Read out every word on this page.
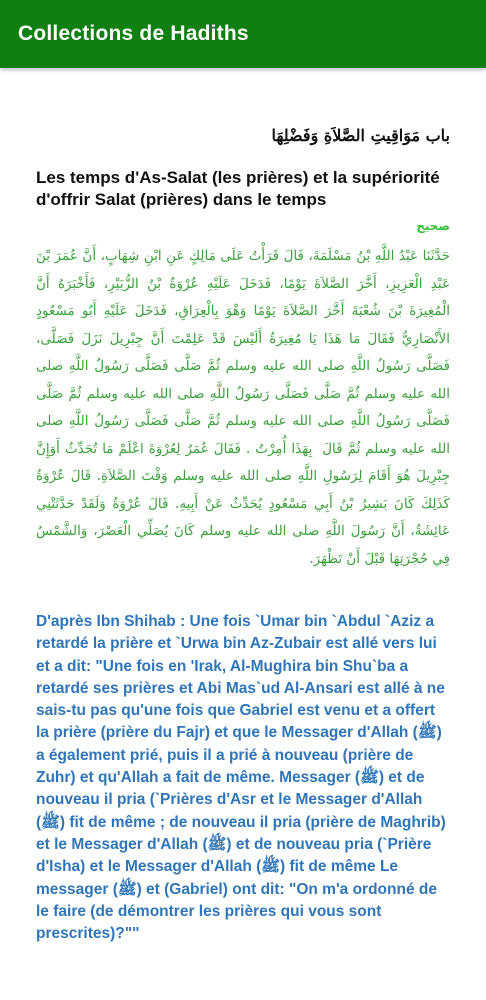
Collections de Hadiths
باب مَوَاقِيتِ الصَّلاَةِ وَفَضْلِهَا
Les temps d'As-Salat (les prières) et la supériorité d'offrir Salat (prières) dans le temps
صحيح
حَدَّثَنَا عَبْدُ اللَّهِ بْنُ مَسْلَمَةَ، قَالَ قَرَأْتُ عَلَى مَالِكٍ عَنِ ابْنِ شِهَابٍ، أَنَّ عُمَرَ بْنَ عَبْدِ الْعَزِيزِ، أَخَّرَ الصَّلاَةَ يَوْمًا، فَدَخَلَ عَلَيْهِ عُرْوَةُ بْنُ الزُّبَيْرِ، فَأَخْبَرَهُ أَنَّ الْمُغِيرَةَ بْنَ شُعْبَةَ أَخَّرَ الصَّلاَةَ يَوْمًا وَهْوَ بِالْعِرَاقِ، فَدَخَلَ عَلَيْهِ أَبُو مَسْعُودٍ الأَنْصَارِيُّ فَقَالَ مَا هَذَا يَا مُغِيرَةُ أَلَيْسَ قَدْ عَلِمْتَ أَنَّ جِبْرِيلَ نَزَلَ فَصَلَّى، فَصَلَّى رَسُولُ اللَّهِ صلى الله عليه وسلم ثُمَّ صَلَّى فَصَلَّى رَسُولُ اللَّهِ صلى الله عليه وسلم ثُمَّ صَلَّى فَصَلَّى رَسُولُ اللَّهِ صلى الله عليه وسلم ثُمَّ صَلَّى فَصَلَّى رَسُولُ اللَّهِ صلى الله عليه وسلم ثُمَّ صَلَّى فَصَلَّى رَسُولُ اللَّهِ صلى الله عليه وسلم ثُمَّ قَالَ ‏ بِهَذَا أُمِرْتُ ‏.‏ فَقَالَ عُمَرُ لِعُرْوَةَ اعْلَمْ مَا تُحَدِّثُ أَوَإِنَّ جِبْرِيلَ هُوَ أَقَامَ لِرَسُولِ اللَّهِ صلى الله عليه وسلم وَقْتَ الصَّلاَةِ‏.‏ قَالَ عُرْوَةُ كَذَلِكَ كَانَ بَشِيرُ بْنُ أَبِي مَسْعُودٍ يُحَدِّثُ عَنْ أَبِيهِ‏.‏ قَالَ عُرْوَةُ وَلَقَدْ حَدَّثَتْنِي عَائِشَةُ، أَنَّ رَسُولَ اللَّهِ صلى الله عليه وسلم كَانَ يُصَلِّي الْعَصْرَ، وَالشَّمْسُ فِي حُجْرَتِهَا قَبْلَ أَنْ تَظْهَرَ‏.
D'après Ibn Shihab : Une fois `Umar bin `Abdul `Aziz a retardé la prière et `Urwa bin Az-Zubair est allé vers lui et a dit: "Une fois en 'Irak, Al-Mughira bin Shu`ba a retardé ses prières et Abi Mas`ud Al-Ansari est allé à ne sais-tu pas qu'une fois que Gabriel est venu et a offert la prière (prière du Fajr) et que le Messager d'Allah (ﷺ) a également prié, puis il a prié à nouveau (prière de Zuhr) et qu'Allah a fait de même. Messager (ﷺ) et de nouveau il pria (`Prières d'Asr et le Messager d'Allah (ﷺ) fit de même ; de nouveau il pria (prière de Maghrib) et le Messager d'Allah (ﷺ) et de nouveau pria (`Prière d'Isha) et le Messager d'Allah (ﷺ) fit de même Le messager (ﷺ) et (Gabriel) ont dit: "On m'a ordonné de le faire (de démontrer les prières qui vous sont prescrites)?""
